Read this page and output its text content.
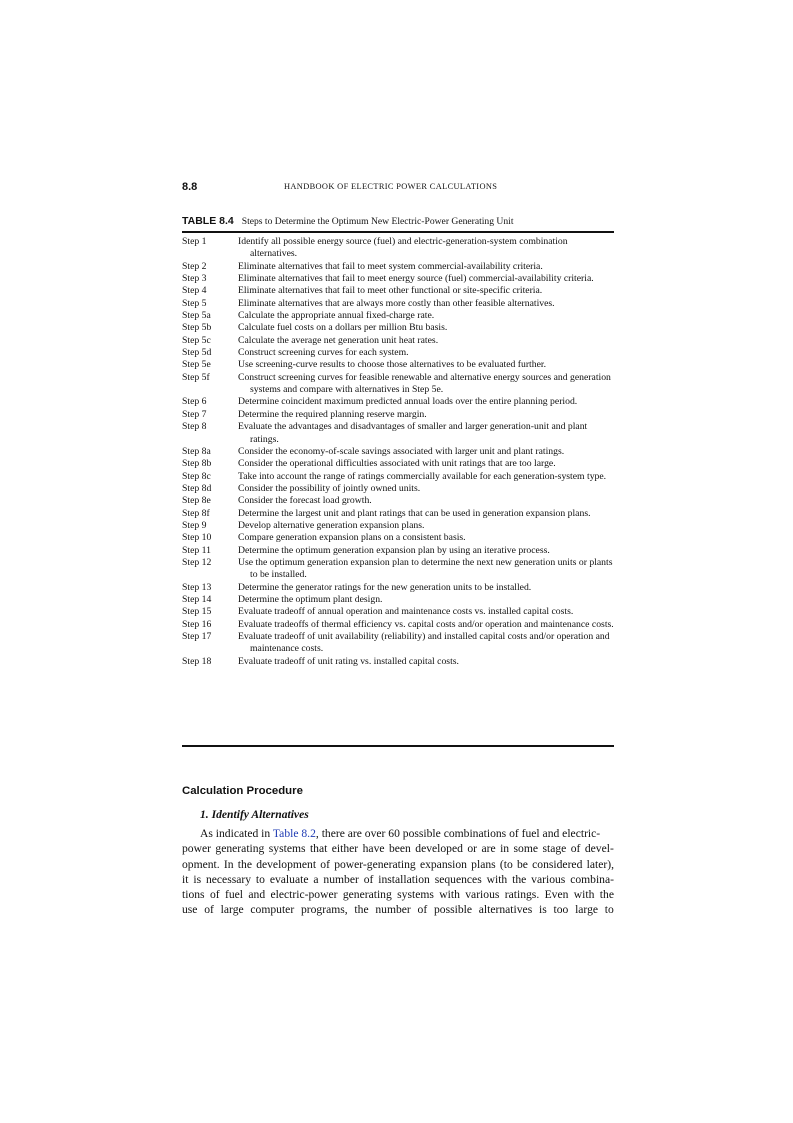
8.8	HANDBOOK OF ELECTRIC POWER CALCULATIONS
TABLE 8.4 Steps to Determine the Optimum New Electric-Power Generating Unit
Step 1	Identify all possible energy source (fuel) and electric-generation-system combination alternatives.
Step 2	Eliminate alternatives that fail to meet system commercial-availability criteria.
Step 3	Eliminate alternatives that fail to meet energy source (fuel) commercial-availability criteria.
Step 4	Eliminate alternatives that fail to meet other functional or site-specific criteria.
Step 5	Eliminate alternatives that are always more costly than other feasible alternatives.
Step 5a	Calculate the appropriate annual fixed-charge rate.
Step 5b	Calculate fuel costs on a dollars per million Btu basis.
Step 5c	Calculate the average net generation unit heat rates.
Step 5d	Construct screening curves for each system.
Step 5e	Use screening-curve results to choose those alternatives to be evaluated further.
Step 5f	Construct screening curves for feasible renewable and alternative energy sources and generation systems and compare with alternatives in Step 5e.
Step 6	Determine coincident maximum predicted annual loads over the entire planning period.
Step 7	Determine the required planning reserve margin.
Step 8	Evaluate the advantages and disadvantages of smaller and larger generation-unit and plant ratings.
Step 8a	Consider the economy-of-scale savings associated with larger unit and plant ratings.
Step 8b	Consider the operational difficulties associated with unit ratings that are too large.
Step 8c	Take into account the range of ratings commercially available for each generation-system type.
Step 8d	Consider the possibility of jointly owned units.
Step 8e	Consider the forecast load growth.
Step 8f	Determine the largest unit and plant ratings that can be used in generation expansion plans.
Step 9	Develop alternative generation expansion plans.
Step 10	Compare generation expansion plans on a consistent basis.
Step 11	Determine the optimum generation expansion plan by using an iterative process.
Step 12	Use the optimum generation expansion plan to determine the next new generation units or plants to be installed.
Step 13	Determine the generator ratings for the new generation units to be installed.
Step 14	Determine the optimum plant design.
Step 15	Evaluate tradeoff of annual operation and maintenance costs vs. installed capital costs.
Step 16	Evaluate tradeoffs of thermal efficiency vs. capital costs and/or operation and maintenance costs.
Step 17	Evaluate tradeoff of unit availability (reliability) and installed capital costs and/or operation and maintenance costs.
Step 18	Evaluate tradeoff of unit rating vs. installed capital costs.
Calculation Procedure
1. Identify Alternatives
As indicated in Table 8.2, there are over 60 possible combinations of fuel and electric-
power generating systems that either have been developed or are in some stage of devel-
opment. In the development of power-generating expansion plans (to be considered later),
it is necessary to evaluate a number of installation sequences with the various combina-
tions of fuel and electric-power generating systems with various ratings. Even with the
use of large computer programs, the number of possible alternatives is too large to
